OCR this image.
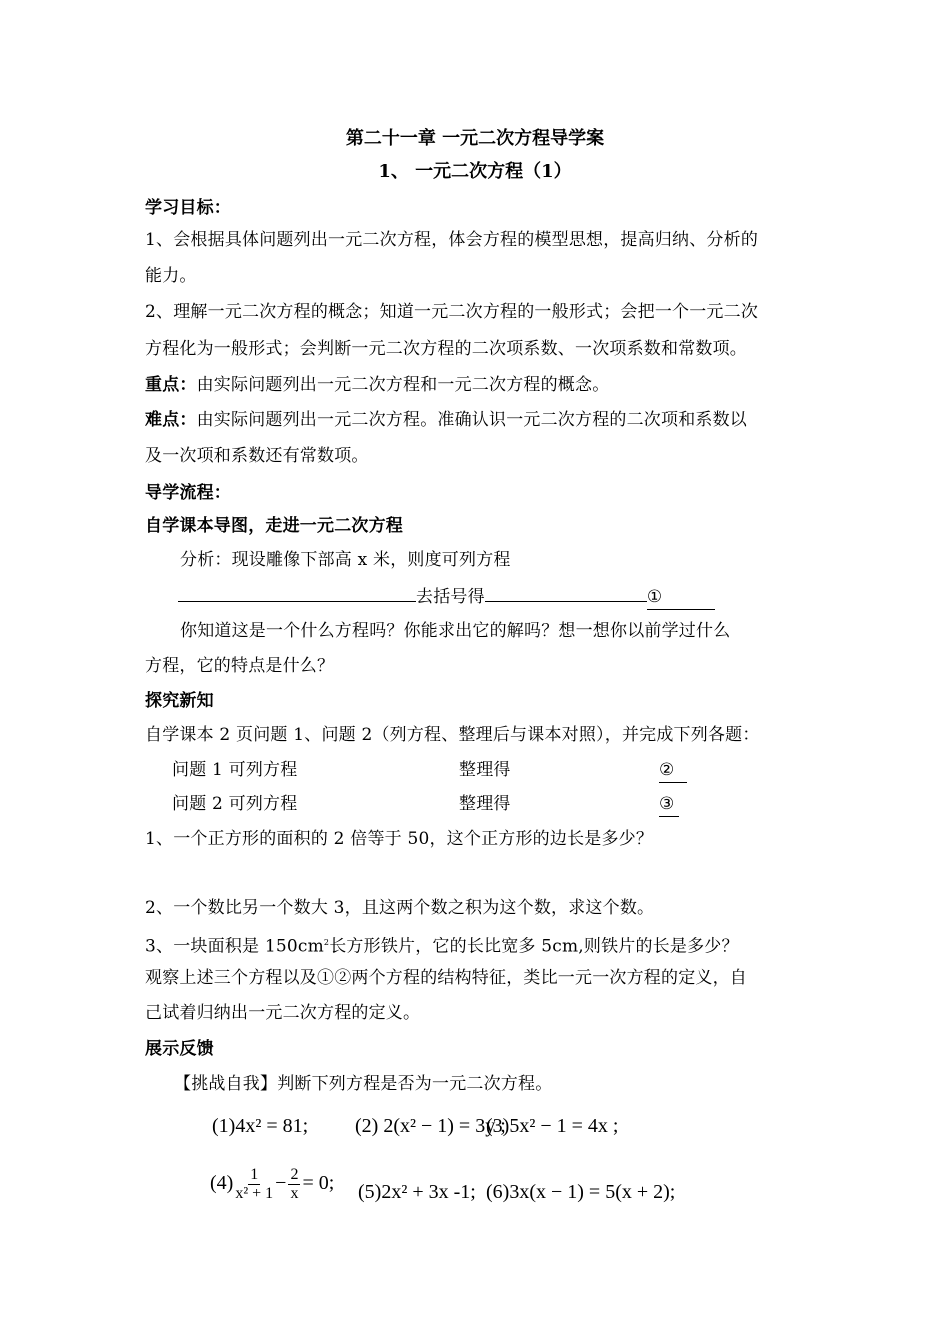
第二十一章 一元二次方程导学案
1、 一元二次方程（1）
学习目标：
1、会根据具体问题列出一元二次方程，体会方程的模型思想，提高归纳、分析的
能力。
2、理解一元二次方程的概念；知道一元二次方程的一般形式；会把一个一元二次
方程化为一般形式；会判断一元二次方程的二次项系数、一次项系数和常数项。
重点：由实际问题列出一元二次方程和一元二次方程的概念。
难点：由实际问题列出一元二次方程。准确认识一元二次方程的二次项和系数以
及一次项和系数还有常数项。
导学流程：
自学课本导图，走进一元二次方程
分析：现设雕像下部高 x 米，则度可列方程
去括号得	①
你知道这是一个什么方程吗？你能求出它的解吗？想一想你以前学过什么
方程，它的特点是什么？
探究新知
自学课本 2 页问题 1、问题 2（列方程、整理后与课本对照），并完成下列各题：
问题 1 可列方程	整理得	②
问题 2 可列方程	整理得	③
1、一个正方形的面积的 2 倍等于 50，这个正方形的边长是多少？
2、一个数比另一个数大 3，且这两个数之积为这个数，求这个数。
3、一块面积是 $150cm^2$长方形铁片，它的长比宽多 5cm,则铁片的长是多少？
观察上述三个方程以及①②两个方程的结构特征，类比一元一次方程的定义，自
己试着归纳出一元二次方程的定义。
展示反馈
【挑战自我】判断下列方程是否为一元二次方程。
(1)4x² = 81; (2) 2(x² − 1) = 3y ;
(3)5x² − 1 = 4x ;
$(4) \frac{1}{\text{x² + 1}} - \frac{2}{x} = 0$; (5)2x² + 3x -1; (6)3x(x − 1) = 5(x + 2);
